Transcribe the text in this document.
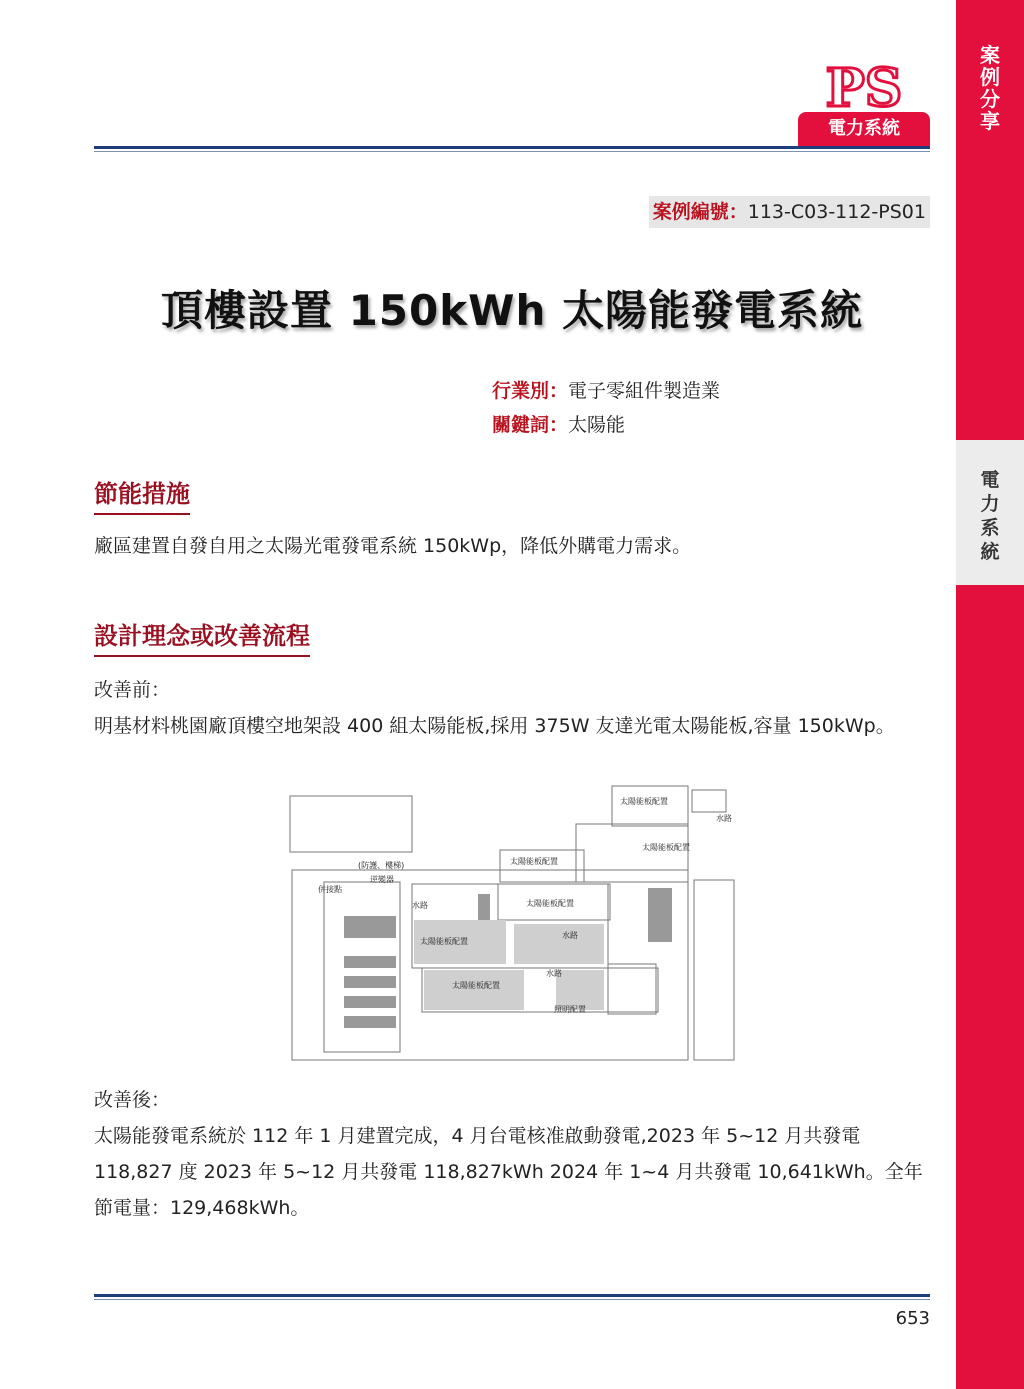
案例分享
電力系統
PS
電力系統
案例編號：113-C03-112-PS01
頂樓設置 150kWh 太陽能發電系統
行業別：電子零組件製造業
關鍵詞：太陽能
節能措施
廠區建置自發自用之太陽光電發電系統 150kWp，降低外購電力需求。
設計理念或改善流程
改善前：
明基材料桃園廠頂樓空地架設 400 組太陽能板,採用 375W 友達光電太陽能板,容量 150kWp。
太陽能板配置
水路
太陽能板配置
太陽能板配置
(防護、樓梯)
逆變器
併接點
太陽能板配置
水路
水路
太陽能板配置
水路
太陽能板配置
照明配置
改善後：
太陽能發電系統於 112 年 1 月建置完成，4 月台電核准啟動發電,2023 年 5~12 月共發電 118,827 度 2023 年 5~12 月共發電 118,827kWh 2024 年 1~4 月共發電 10,641kWh。全年節電量：129,468kWh。
653
